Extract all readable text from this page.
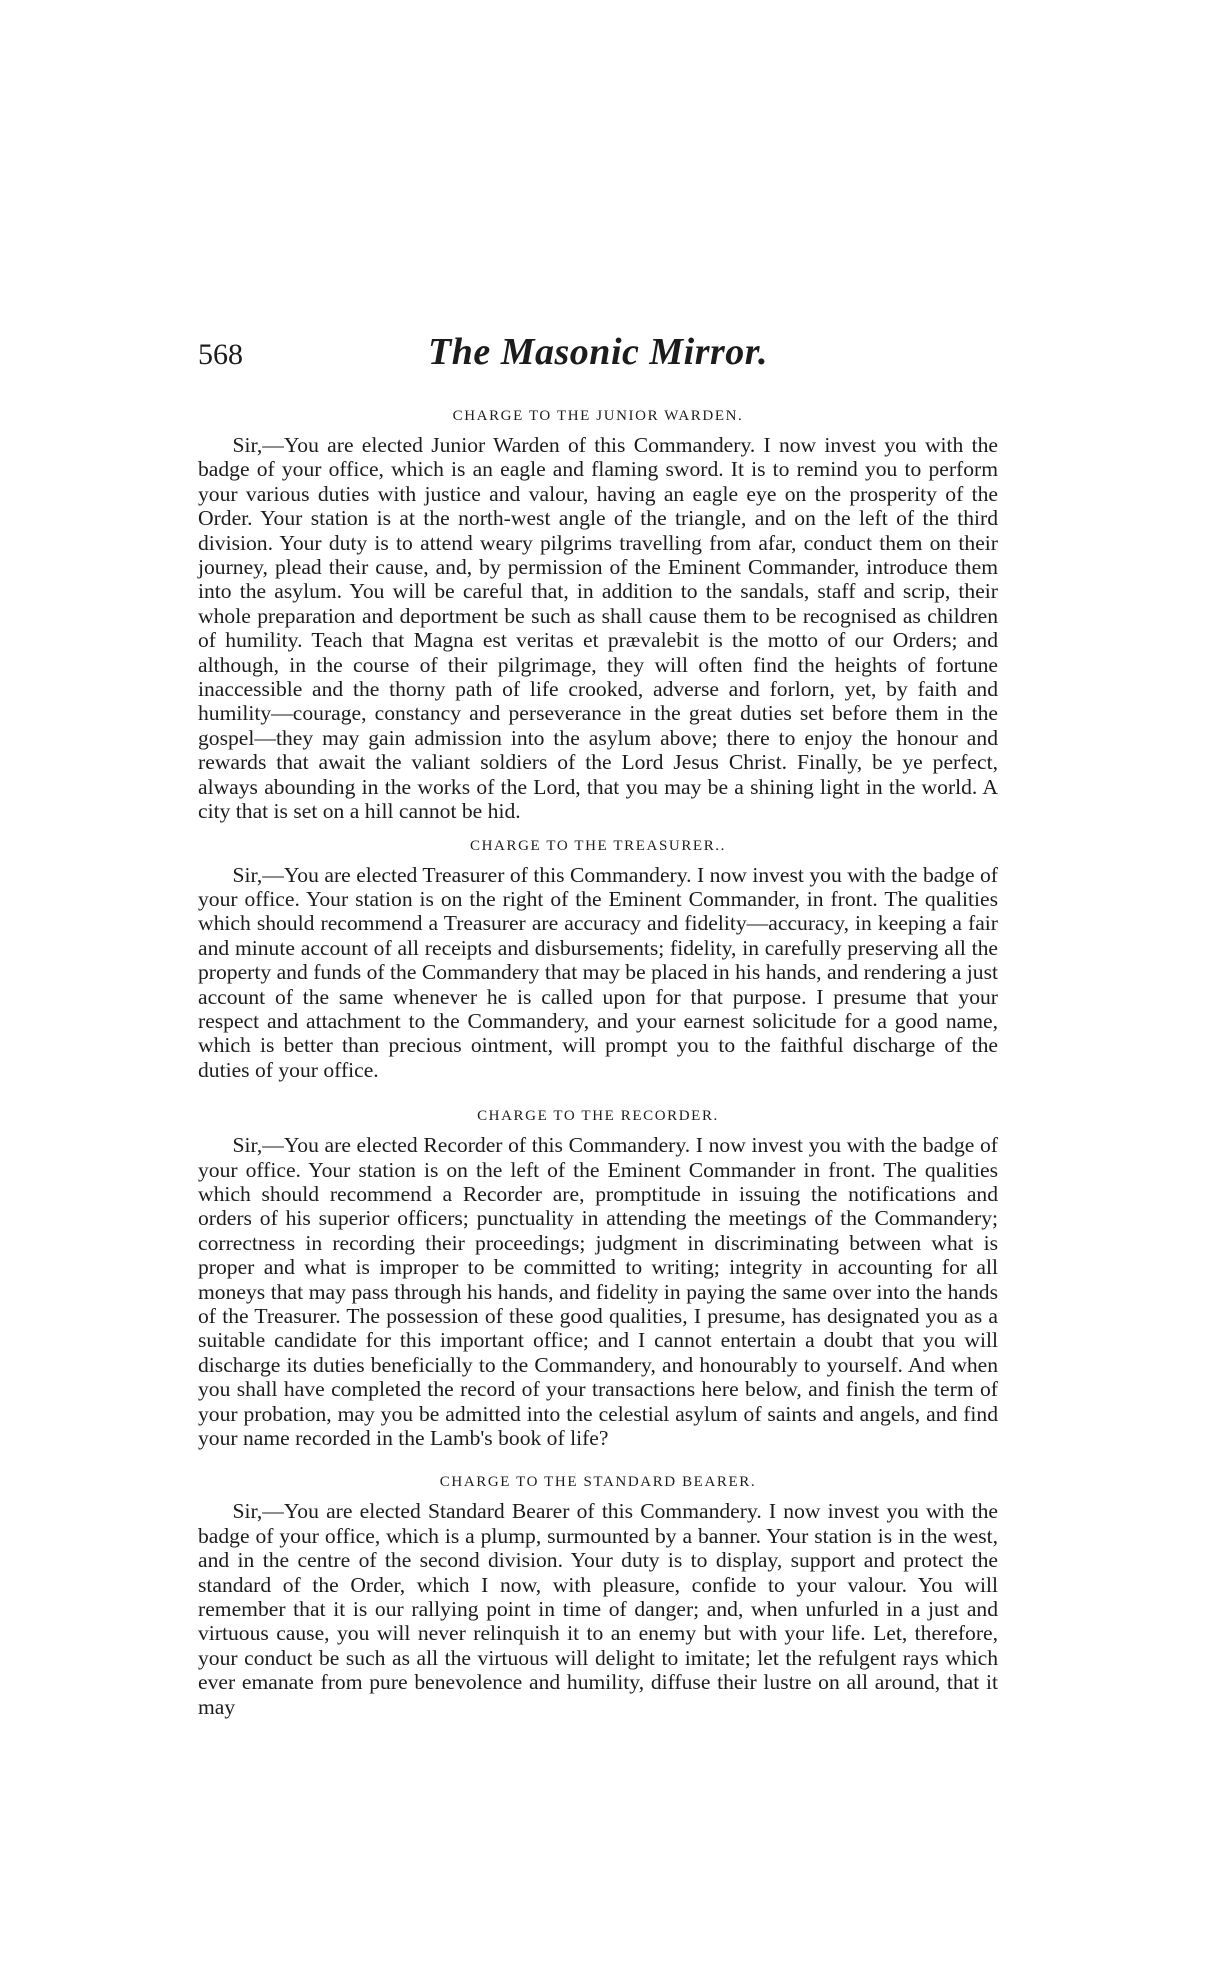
568	The Masonic Mirror.
CHARGE TO THE JUNIOR WARDEN.

Sir,—You are elected Junior Warden of this Commandery. I now invest you with the badge of your office, which is an eagle and flaming sword. It is to remind you to perform your various duties with justice and valour, having an eagle eye on the prosperity of the Order. Your station is at the north-west angle of the triangle, and on the left of the third division. Your duty is to attend weary pilgrims travelling from afar, conduct them on their journey, plead their cause, and, by permission of the Eminent Commander, introduce them into the asylum. You will be careful that, in addition to the sandals, staff and scrip, their whole preparation and deportment be such as shall cause them to be recognised as children of humility. Teach that Magna est veritas et prævalebit is the motto of our Orders; and although, in the course of their pilgrimage, they will often find the heights of fortune inaccessible and the thorny path of life crooked, adverse and forlorn, yet, by faith and humility—courage, constancy and perseverance in the great duties set before them in the gospel—they may gain admission into the asylum above; there to enjoy the honour and rewards that await the valiant soldiers of the Lord Jesus Christ. Finally, be ye perfect, always abounding in the works of the Lord, that you may be a shining light in the world. A city that is set on a hill cannot be hid.

CHARGE TO THE TREASURER..

Sir,—You are elected Treasurer of this Commandery. I now invest you with the badge of your office. Your station is on the right of the Eminent Commander, in front. The qualities which should recommend a Treasurer are accuracy and fidelity—accuracy, in keeping a fair and minute account of all receipts and disbursements; fidelity, in carefully preserving all the property and funds of the Commandery that may be placed in his hands, and rendering a just account of the same whenever he is called upon for that purpose. I presume that your respect and attachment to the Commandery, and your earnest solicitude for a good name, which is better than precious ointment, will prompt you to the faithful discharge of the duties of your office.

CHARGE TO THE RECORDER.

Sir,—You are elected Recorder of this Commandery. I now invest you with the badge of your office. Your station is on the left of the Eminent Commander in front. The qualities which should recommend a Recorder are, promptitude in issuing the notifications and orders of his superior officers; punctuality in attending the meetings of the Commandery; correctness in recording their proceedings; judgment in discriminating between what is proper and what is improper to be committed to writing; integrity in accounting for all moneys that may pass through his hands, and fidelity in paying the same over into the hands of the Treasurer. The possession of these good qualities, I presume, has designated you as a suitable candidate for this important office; and I cannot entertain a doubt that you will discharge its duties beneficially to the Commandery, and honourably to yourself. And when you shall have completed the record of your transactions here below, and finish the term of your probation, may you be admitted into the celestial asylum of saints and angels, and find your name recorded in the Lamb's book of life?

CHARGE TO THE STANDARD BEARER.

Sir,—You are elected Standard Bearer of this Commandery. I now invest you with the badge of your office, which is a plump, surmounted by a banner. Your station is in the west, and in the centre of the second division. Your duty is to display, support and protect the standard of the Order, which I now, with pleasure, confide to your valour. You will remember that it is our rallying point in time of danger; and, when unfurled in a just and virtuous cause, you will never relinquish it to an enemy but with your life. Let, therefore, your conduct be such as all the virtuous will delight to imitate; let the refulgent rays which ever emanate from pure benevolence and humility, diffuse their lustre on all around, that it may
